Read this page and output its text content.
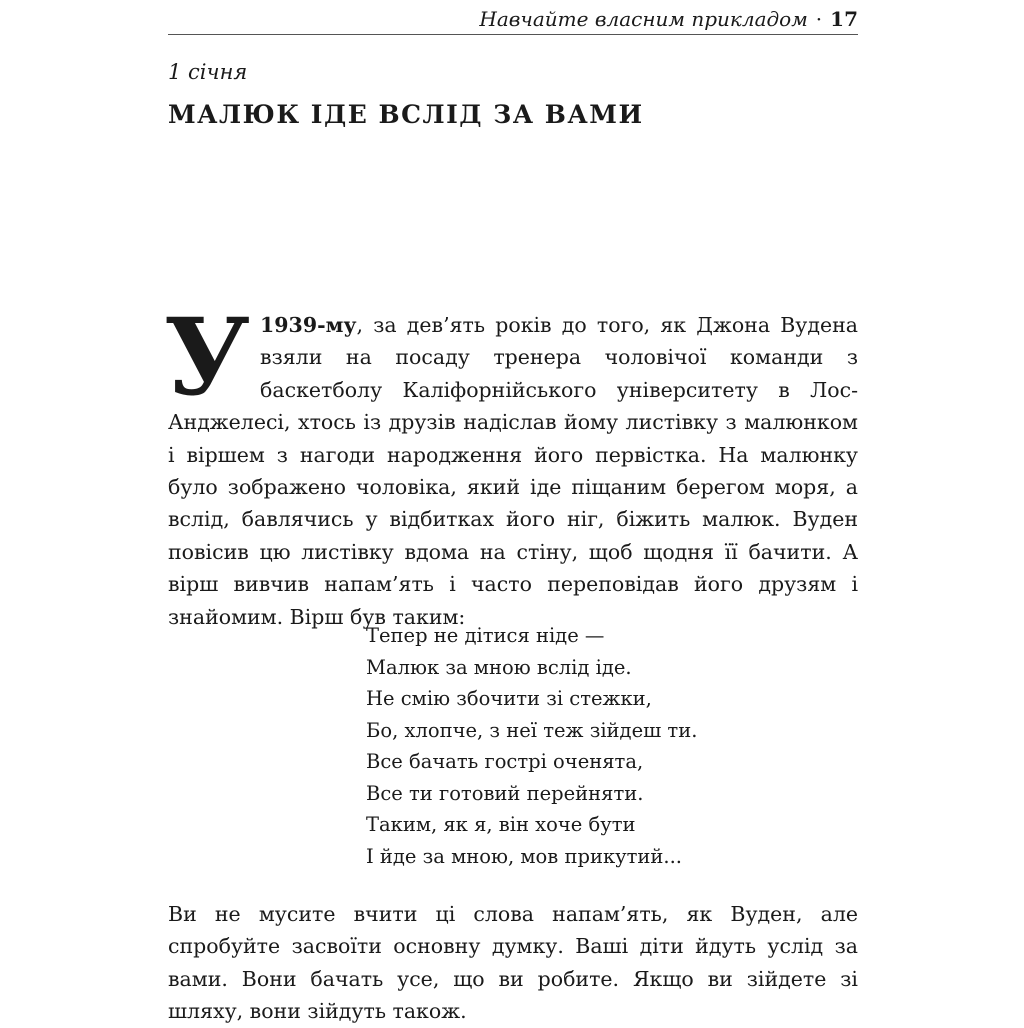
Навчайте власним прикладом · 17
1 січня
МАЛЮК ІДЕ ВСЛІД ЗА ВАМИ
У 1939-му, за дев’ять років до того, як Джона Вудена взяли на посаду тренера чоловічої команди з баскетболу Каліфорнійського університету в Лос-Анджелесі, хтось із друзів надіслав йому листівку з малюнком і віршем з нагоди народження його первістка. На малюнку було зображено чоловіка, який іде піщаним берегом моря, а вслід, бавлячись у відбитках його ніг, біжить малюк. Вуден повісив цю листівку вдома на стіну, щоб щодня її бачити. А вірш вивчив напам’ять і часто переповідав його друзям і знайомим. Вірш був таким:
Тепер не дітися ніде —
Малюк за мною вслід іде.
Не смію збочити зі стежки,
Бо, хлопче, з неї теж зійдеш ти.
Все бачать гострі оченята,
Все ти готовий перейняти.
Таким, як я, він хоче бути
І йде за мною, мов прикутий...
Ви не мусите вчити ці слова напам’ять, як Вуден, але спробуйте засвоїти основну думку. Ваші діти йдуть услід за вами. Вони бачать усе, що ви робите. Якщо ви зійдете зі шляху, вони зійдуть також.
